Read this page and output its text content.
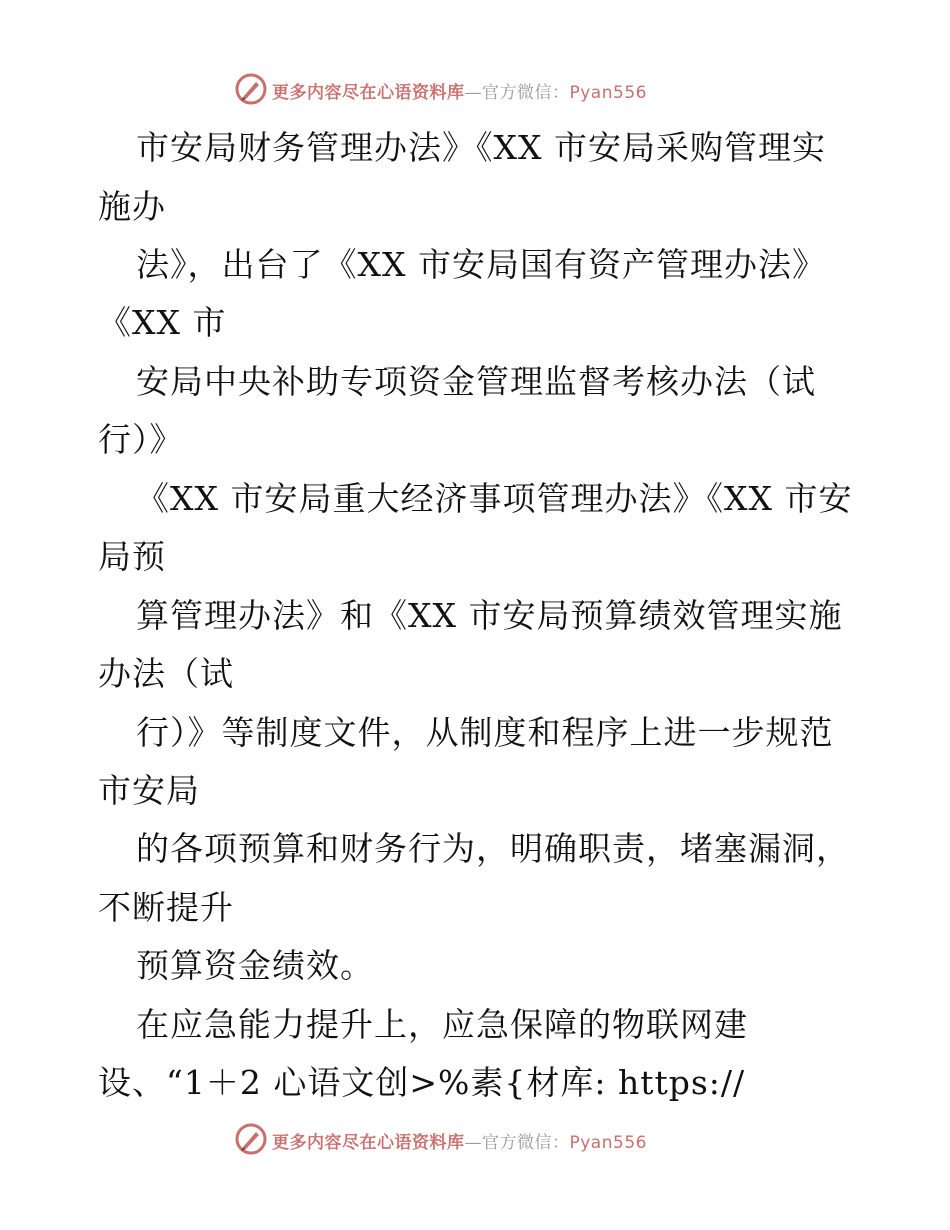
更多内容尽在心语资料库—官方微信：Pyan556
市安局财务管理办法》《XX 市安局采购管理实
施办
法》，出台了《XX 市安局国有资产管理办法》
《XX 市
安局中央补助专项资金管理监督考核办法（试
行）》
《XX 市安局重大经济事项管理办法》《XX 市安
局预
算管理办法》和《XX 市安局预算绩效管理实施
办法（试
行）》等制度文件，从制度和程序上进一步规范
市安局
的各项预算和财务行为，明确职责，堵塞漏洞，
不断提升
预算资金绩效。
在应急能力提升上，应急保障的物联网建
设、“1＋2 心语文创>%素{材库: https://
更多内容尽在心语资料库—官方微信：Pyan556
